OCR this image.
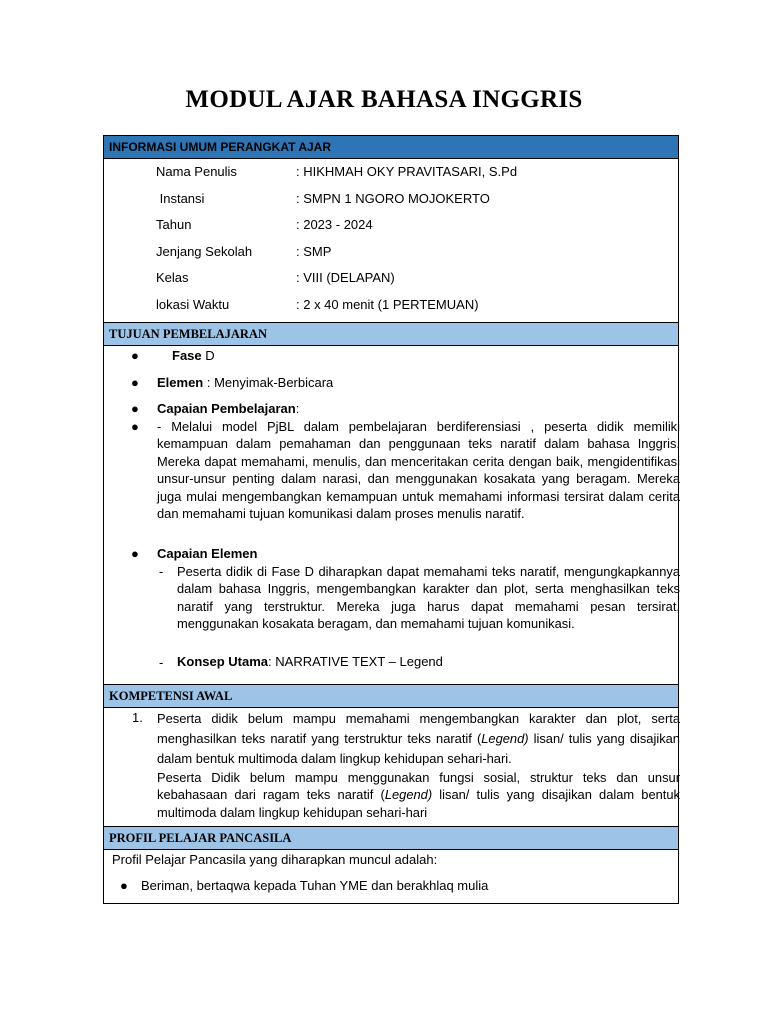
MODUL AJAR BAHASA INGGRIS
INFORMASI UMUM PERANGKAT AJAR
Nama Penulis	: HIKHMAH OKY PRAVITASARI, S.Pd
Instansi	: SMPN 1 NGORO MOJOKERTO
Tahun	: 2023 - 2024
Jenjang Sekolah	: SMP
Kelas	: VIII (DELAPAN)
lokasi Waktu	: 2 x 40 menit (1 PERTEMUAN)
TUJUAN PEMBELAJARAN
●	Fase D
● Elemen : Menyimak-Berbicara
● Capaian Pembelajaran:
● - Melalui model PjBL dalam pembelajaran berdiferensiasi , peserta didik memiliki kemampuan dalam pemahaman dan penggunaan teks naratif dalam bahasa Inggris. Mereka dapat memahami, menulis, dan menceritakan cerita dengan baik, mengidentifikasi unsur-unsur penting dalam narasi, dan menggunakan kosakata yang beragam. Mereka juga mulai mengembangkan kemampuan untuk memahami informasi tersirat dalam cerita dan memahami tujuan komunikasi dalam proses menulis naratif.
● Capaian Elemen
- Peserta didik di Fase D diharapkan dapat memahami teks naratif, mengungkapkannya dalam bahasa Inggris, mengembangkan karakter dan plot, serta menghasilkan teks naratif yang terstruktur. Mereka juga harus dapat memahami pesan tersirat, menggunakan kosakata beragam, dan memahami tujuan komunikasi.
- Konsep Utama: NARRATIVE TEXT – Legend
KOMPETENSI AWAL
1. Peserta didik belum mampu memahami mengembangkan karakter dan plot, serta menghasilkan teks naratif yang terstruktur teks naratif (Legend) lisan/ tulis yang disajikan dalam bentuk multimoda dalam lingkup kehidupan sehari-hari.
Peserta Didik belum mampu menggunakan fungsi sosial, struktur teks dan unsur kebahasaan dari ragam teks naratif (Legend) lisan/ tulis yang disajikan dalam bentuk multimoda dalam lingkup kehidupan sehari-hari
PROFIL PELAJAR PANCASILA
Profil Pelajar Pancasila yang diharapkan muncul adalah:
● Beriman, bertaqwa kepada Tuhan YME dan berakhlaq mulia
